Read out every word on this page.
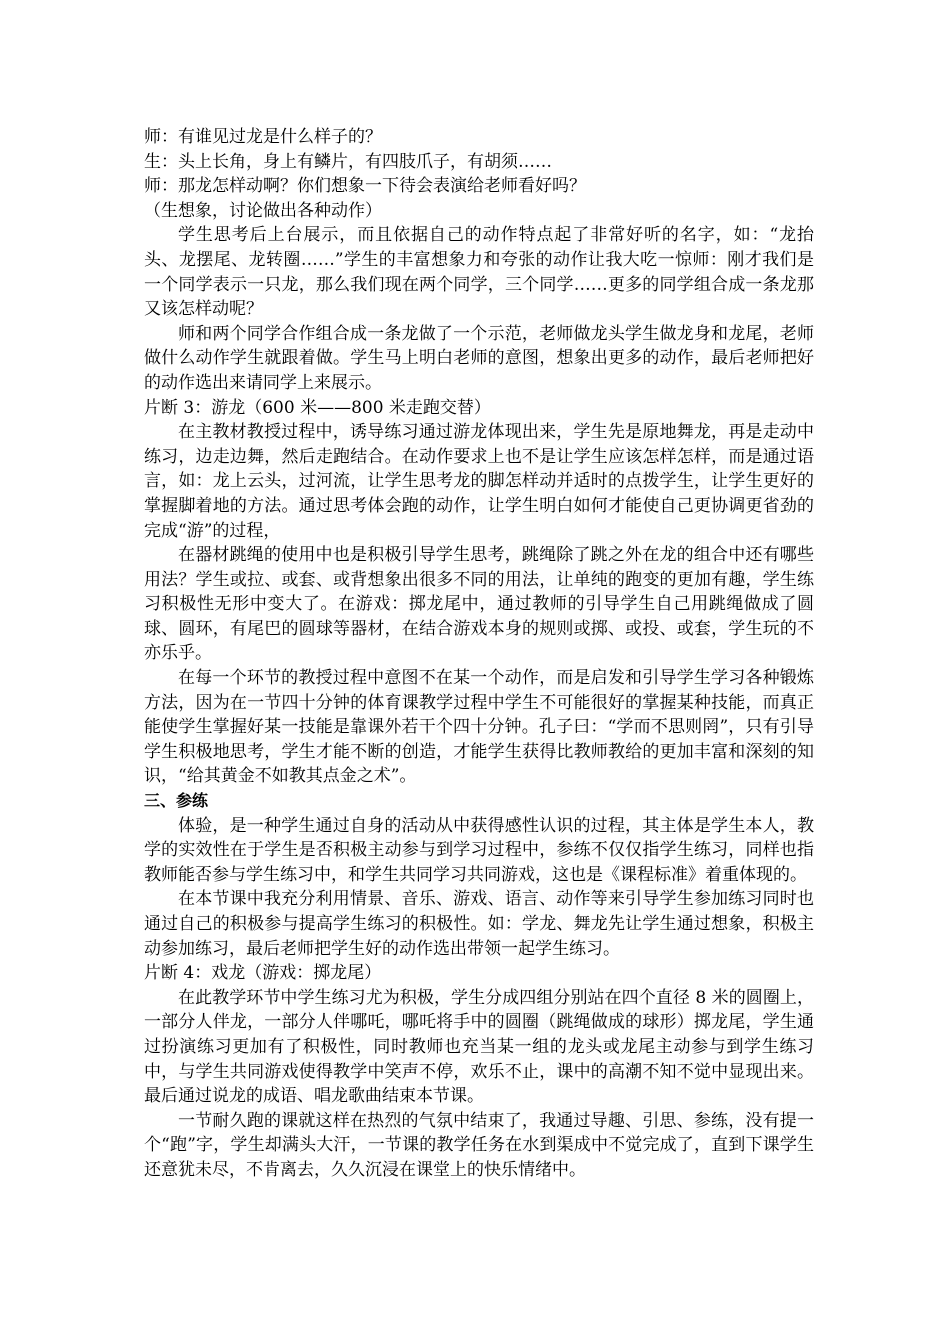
师：有谁见过龙是什么样子的？

生：头上长角，身上有鳞片，有四肢爪子，有胡须……

师：那龙怎样动啊？你们想象一下待会表演给老师看好吗？

（生想象，讨论做出各种动作）

学生思考后上台展示，而且依据自己的动作特点起了非常好听的名字，如：“龙抬头、龙摆尾、龙转圈……”学生的丰富想象力和夸张的动作让我大吃一惊师：刚才我们是一个同学表示一只龙，那么我们现在两个同学，三个同学……更多的同学组合成一条龙那又该怎样动呢？

师和两个同学合作组合成一条龙做了一个示范，老师做龙头学生做龙身和龙尾，老师做什么动作学生就跟着做。学生马上明白老师的意图，想象出更多的动作，最后老师把好的动作选出来请同学上来展示。

片断 3：游龙（600 米——800 米走跑交替）

在主教材教授过程中，诱导练习通过游龙体现出来，学生先是原地舞龙，再是走动中练习，边走边舞，然后走跑结合。在动作要求上也不是让学生应该怎样怎样，而是通过语言，如：龙上云头，过河流，让学生思考龙的脚怎样动并适时的点拨学生，让学生更好的掌握脚着地的方法。通过思考体会跑的动作，让学生明白如何才能使自己更协调更省劲的完成“游”的过程，

在器材跳绳的使用中也是积极引导学生思考，跳绳除了跳之外在龙的组合中还有哪些用法？学生或拉、或套、或背想象出很多不同的用法，让单纯的跑变的更加有趣，学生练习积极性无形中变大了。在游戏：掷龙尾中，通过教师的引导学生自己用跳绳做成了圆球、圆环，有尾巴的圆球等器材，在结合游戏本身的规则或掷、或投、或套，学生玩的不亦乐乎。

在每一个环节的教授过程中意图不在某一个动作，而是启发和引导学生学习各种锻炼方法，因为在一节四十分钟的体育课教学过程中学生不可能很好的掌握某种技能，而真正能使学生掌握好某一技能是靠课外若干个四十分钟。孔子曰：“学而不思则罔”，只有引导学生积极地思考，学生才能不断的创造，才能学生获得比教师教给的更加丰富和深刻的知识，“给其黄金不如教其点金之术”。

三、参练

体验，是一种学生通过自身的活动从中获得感性认识的过程，其主体是学生本人，教学的实效性在于学生是否积极主动参与到学习过程中，参练不仅仅指学生练习，同样也指教师能否参与学生练习中，和学生共同学习共同游戏，这也是《课程标准》着重体现的。

在本节课中我充分利用情景、音乐、游戏、语言、动作等来引导学生参加练习同时也通过自己的积极参与提高学生练习的积极性。如：学龙、舞龙先让学生通过想象，积极主动参加练习，最后老师把学生好的动作选出带领一起学生练习。

片断 4：戏龙（游戏：掷龙尾）

在此教学环节中学生练习尤为积极，学生分成四组分别站在四个直径 8 米的圆圈上，一部分人伴龙，一部分人伴哪吒，哪吒将手中的圆圈（跳绳做成的球形）掷龙尾，学生通过扮演练习更加有了积极性，同时教师也充当某一组的龙头或龙尾主动参与到学生练习中，与学生共同游戏使得教学中笑声不停，欢乐不止，课中的高潮不知不觉中显现出来。最后通过说龙的成语、唱龙歌曲结束本节课。

一节耐久跑的课就这样在热烈的气氛中结束了，我通过导趣、引思、参练，没有提一个“跑”字，学生却满头大汗，一节课的教学任务在水到渠成中不觉完成了，直到下课学生还意犹未尽，不肯离去，久久沉浸在课堂上的快乐情绪中。
